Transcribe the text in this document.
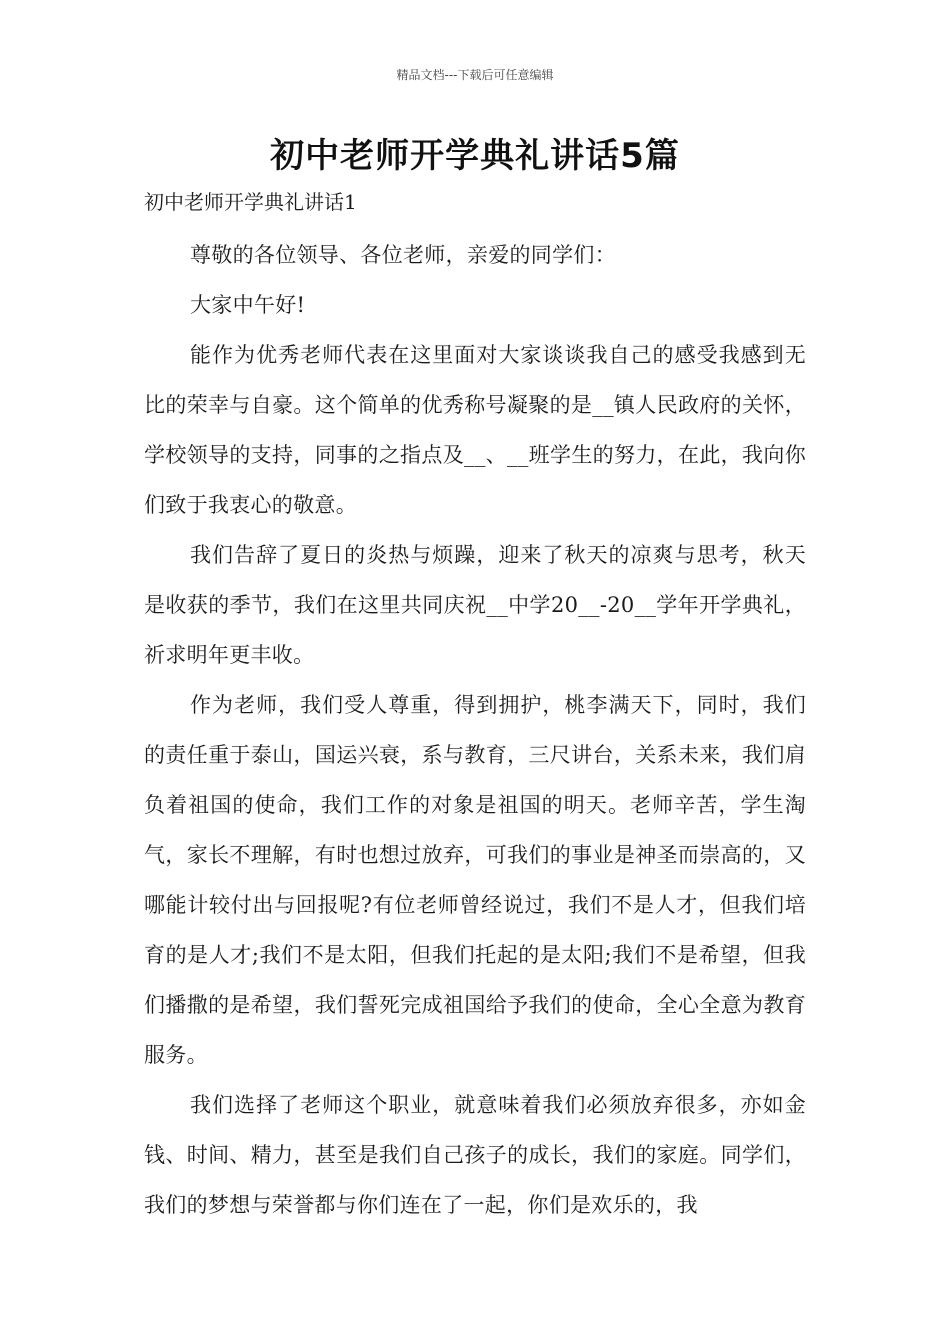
精品文档---下载后可任意编辑
初中老师开学典礼讲话5篇
初中老师开学典礼讲话1

尊敬的各位领导、各位老师，亲爱的同学们：

大家中午好!

能作为优秀老师代表在这里面对大家谈谈我自己的感受我感到无比的荣幸与自豪。这个简单的优秀称号凝聚的是__镇人民政府的关怀，学校领导的支持，同事的之指点及__、__班学生的努力，在此，我向你们致于我衷心的敬意。

我们告辞了夏日的炎热与烦躁，迎来了秋天的凉爽与思考，秋天是收获的季节，我们在这里共同庆祝__中学20__-20__学年开学典礼，祈求明年更丰收。

作为老师，我们受人尊重，得到拥护，桃李满天下，同时，我们的责任重于泰山，国运兴衰，系与教育，三尺讲台，关系未来，我们肩负着祖国的使命，我们工作的对象是祖国的明天。老师辛苦，学生淘气，家长不理解，有时也想过放弃，可我们的事业是神圣而崇高的，又哪能计较付出与回报呢?有位老师曾经说过，我们不是人才，但我们培育的是人才;我们不是太阳，但我们托起的是太阳;我们不是希望，但我们播撒的是希望，我们誓死完成祖国给予我们的使命，全心全意为教育服务。

我们选择了老师这个职业，就意味着我们必须放弃很多，亦如金钱、时间、精力，甚至是我们自己孩子的成长，我们的家庭。同学们，我们的梦想与荣誉都与你们连在了一起，你们是欢乐的，我
